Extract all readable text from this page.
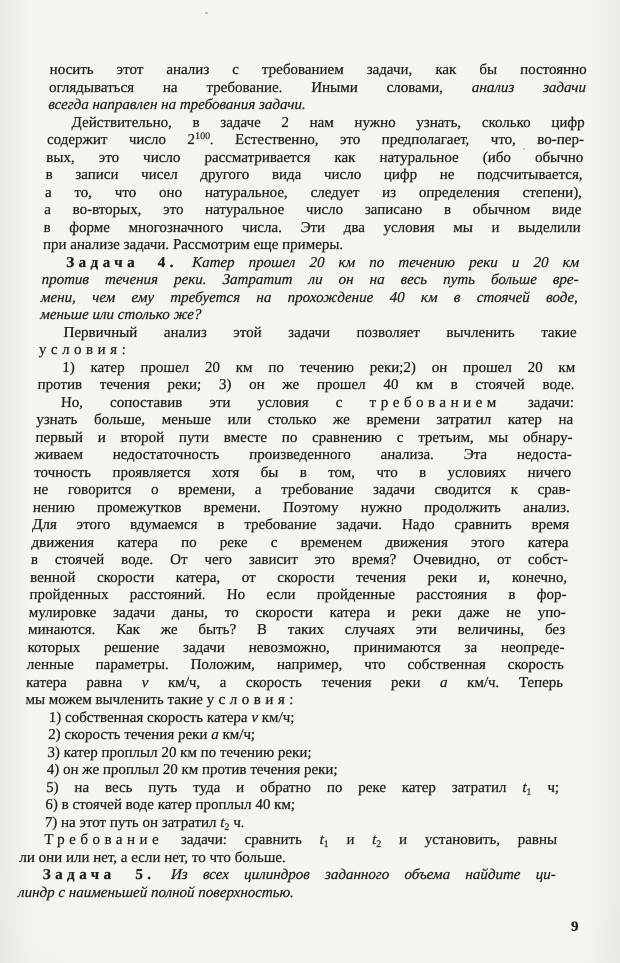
носить этот анализ с требованием задачи, как бы постоянно
оглядываться на требование. Иными словами, анализ задачи
всегда направлен на требования задачи.
Действительно, в задаче 2 нам нужно узнать, сколько цифр
содержит число $2^{100}$. Естественно, это предполагает, что, во-пер-
вых, это число рассматривается как натуральное (ибо обычно
в записи чисел другого вида число цифр не подсчитывается,
а то, что оно натуральное, следует из определения степени),
а во-вторых, это натуральное число записано в обычном виде
в форме многозначного числа. Эти два условия мы и выделили
при анализе задачи. Рассмотрим еще примеры.
Задача 4. Катер прошел 20 км по течению реки и 20 км
против течения реки. Затратит ли он на весь путь больше вре-
мени, чем ему требуется на прохождение 40 км в стоячей воде,
меньше или столько же?
Первичный анализ этой задачи позволяет вычленить такие
условия:
1) катер прошел 20 км по течению реки;2) он прошел 20 км
против течения реки; 3) он же прошел 40 км в стоячей воде.
Но, сопоставив эти условия с требованием задачи:
узнать больше, меньше или столько же времени затратил катер на
первый и второй пути вместе по сравнению с третьим, мы обнару-
живаем недостаточность произведенного анализа. Эта недоста-
точность проявляется хотя бы в том, что в условиях ничего
не говорится о времени, а требование задачи сводится к срав-
нению промежутков времени. Поэтому нужно продолжить анализ.
Для этого вдумаемся в требование задачи. Надо сравнить время
движения катера по реке с временем движения этого катера
в стоячей воде. От чего зависит это время? Очевидно, от собст-
венной скорости катера, от скорости течения реки и, конечно,
пройденных расстояний. Но если пройденные расстояния в фор-
мулировке задачи даны, то скорости катера и реки даже не упо-
минаются. Как же быть? В таких случаях эти величины, без
которых решение задачи невозможно, принимаются за неопреде-
ленные параметры. Положим, например, что собственная скорость
катера равна v км/ч, а скорость течения реки a км/ч. Теперь
мы можем вычленить такие условия:
1) собственная скорость катера v км/ч;
2) скорость течения реки a км/ч;
3) катер проплыл 20 км по течению реки;
4) он же проплыл 20 км против течения реки;
5) на весь путь туда и обратно по реке катер затратил $t_1$ ч;
6) в стоячей воде катер проплыл 40 км;
7) на этот путь он затратил $t_2$ ч.
Требование задачи: сравнить $t_1$ и $t_2$ и установить, равны
ли они или нет, а если нет, то что больше.
Задача 5. Из всех цилиндров заданного объема найдите ци-
линдр с наименьшей полной поверхностью.
9
